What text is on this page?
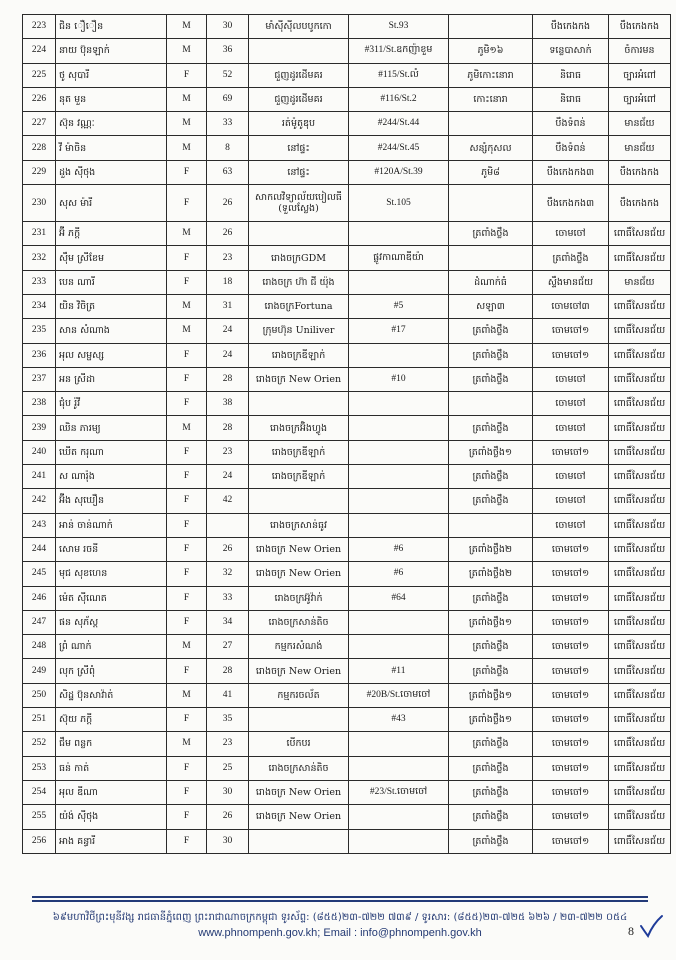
223	ជិន ឿឿន	M	30	មាំស៊ីស៊ីលបបូកកោ	St.93		បឹងកេងកង	បឹងកេងកង
224	នាយ ប៊ុនឡាក់	M	36		#311/St.ឧកញ៉ាខួម	ភូមិ១៦	ទន្លេបាសាក់	ចំការមន
225	ថូ សុបារី	F	52	ជួញដូរដើមគរ	#115/St.លំ	ភូមិកោះនោរា	និរោធ	ច្បារអំពៅ
226	នុត មួន	M	69	ជួញដូរដើមគរ	#116/St.2	កោះនោរា	និរោធ	ច្បារអំពៅ
227	ស៊ុន វណ្ណៈ	M	33	រត់ម៉ូតូឌុប	#244/St.44		បឹងទំពន់	មានជ័យ
228	វី ម៉ាចិន	M	8	នៅផ្ទះ	#244/St.45	សន្សំកុសល	បឹងទំពន់	មានជ័យ
229	ដួង ស៊ីថុង	F	63	នៅផ្ទះ	#120A/St.39	ភូមិ៨	បឹងកេងកង៣	បឹងកេងកង
230	សុស ម៉ារី	F	26	សាកលវិទ្យាល័យបៀលធី (ទួលស្លែង)	St.105		បឹងកេងកង៣	បឹងកេងកង
231	អ៊ី ភក្ដី	M	26			ត្រពាំងថ្លឹង	ចោមចៅ	ពោធិ៍សែនជ័យ
232	ស៊ឹម ស្រីខែម	F	23	រោងចក្រGDM	ផ្លូវកាណាឌីយ៉ា		ត្រពាំងថ្លឹង	ពោធិ៍សែនជ័យ
233	បេន ណារី	F	18	រោងចក្រ ហ៊ា ជី យ៉ុង		ដំណាក់ធំ	ស្ទឹងមានជ័យ	មានជ័យ
234	យិន វិចិត្រ	M	31	រោងចក្រFortuna	#5	សឡា៣	ចោមចៅ៣	ពោធិ៍សែនជ័យ
235	សាន សំណាង	M	24	ក្រុមហ៊ុន Uniliver	#17	ត្រពាំងថ្លឹង	ចោមចៅ១	ពោធិ៍សែនជ័យ
236	អុល សម្ផស្ស	F	24	រោងចក្រឌីឡាក់		ត្រពាំងថ្លឹង	ចោមចៅ១	ពោធិ៍សែនជ័យ
237	អន ស្រីដា	F	28	រោងចក្រ New Orien	#10	ត្រពាំងថ្លឹង	ចោមចៅ	ពោធិ៍សែនជ័យ
238	ជុំប រ៉ូវី	F	38				ចោមចៅ	ពោធិ៍សែនជ័យ
239	ឈិន ភារម្យ	M	28	រោងចក្រអ៊ិងហ្វូង		ត្រពាំងថ្លឹង	ចោមចៅ	ពោធិ៍សែនជ័យ
240	ឃើត ករុណា	F	23	រោងចក្រឌីឡាក់		ត្រពាំងថ្លឹង១	ចោមចៅ១	ពោធិ៍សែនជ័យ
241	ស ណារ៉ុង	F	24	រោងចក្រឌីឡាក់		ត្រពាំងថ្លឹង	ចោមចៅ	ពោធិ៍សែនជ័យ
242	អ៊ីង សុឃឿន	F	42			ត្រពាំងថ្លឹង	ចោមចៅ	ពោធិ៍សែនជ័យ
243	អាន់ ចាន់ណាក់	F		រោងចក្រសាន់ធូវ			ចោមចៅ	ពោធិ៍សែនជ័យ
244	សោម រចនី	F	26	រោងចក្រ New Orien	#6	ត្រពាំងថ្លឹង២	ចោមចៅ១	ពោធិ៍សែនជ័យ
245	មុជ សុខហេន	F	32	រោងចក្រ New Orien	#6	ត្រពាំងថ្លឹង២	ចោមចៅ១	ពោធិ៍សែនជ័យ
246	ម៉េត ស៊ីណេត	F	33	រោងចក្រអ៊ូវ៉ាក់	#64	ត្រពាំងថ្លឹង	ចោមចៅ១	ពោធិ៍សែនជ័យ
247	ផន សុភ័ស្ដ	F	34	រោងចក្រសាន់តិច		ត្រពាំងថ្លឹង១	ចោមចៅ១	ពោធិ៍សែនជ័យ
248	ព្រំ ណាក់	M	27	កម្មករសំណង់		ត្រពាំងថ្លឹង	ចោមចៅ១	ពោធិ៍សែនជ័យ
249	លុក ស្រីពុំ	F	28	រោងចក្រ New Orien	#11	ត្រពាំងថ្លឹង	ចោមចៅ១	ពោធិ៍សែនជ័យ
250	សិដ្ឋ ប៊ុនសាវ៉ាត់	M	41	កម្មករចល័ត	#20B/St.ចោមចៅ	ត្រពាំងថ្លឹង១	ចោមចៅ១	ពោធិ៍សែនជ័យ
251	ស៊ុយ ភក្ដី	F	35		#43	ត្រពាំងថ្លឹង១	ចោមចៅ១	ពោធិ៍សែនជ័យ
252	ជឹម ពន្លក	M	23	បើកបរ		ត្រពាំងថ្លឹង	ចោមចៅ១	ពោធិ៍សែនជ័យ
253	ធន់ កាត់	F	25	រោងចក្រសាន់តិច		ត្រពាំងថ្លឹង	ចោមចៅ១	ពោធិ៍សែនជ័យ
254	អុល ឌីណា	F	30	រោងចក្រ New Orien	#23/St.ចោមចៅ	ត្រពាំងថ្លឹង	ចោមចៅ១	ពោធិ៍សែនជ័យ
255	យ៉ង់ ស៊ីថុង	F	26	រោងចក្រ New Orien		ត្រពាំងថ្លឹង	ចោមចៅ១	ពោធិ៍សែនជ័យ
256	អាង គន្ធារី	F	30			ត្រពាំងថ្លឹង	ចោមចៅ១	ពោធិ៍សែនជ័យ
៦៩មហាវិថីព្រះមុនីវង្ស រាជធានីភ្នំពេញ ព្រះរាជាណាចក្រកម្ពុជា ទូរស័ព្ទ: (៨៥៥)២៣-៧២២ ៧៣៩ / ទូរសារ: (៨៥៥)២៣-៧២៥ ៦២៦ / ២៣-៧២២ ០៥៤
www.phnompenh.gov.kh; Email : info@phnompenh.gov.kh	8
